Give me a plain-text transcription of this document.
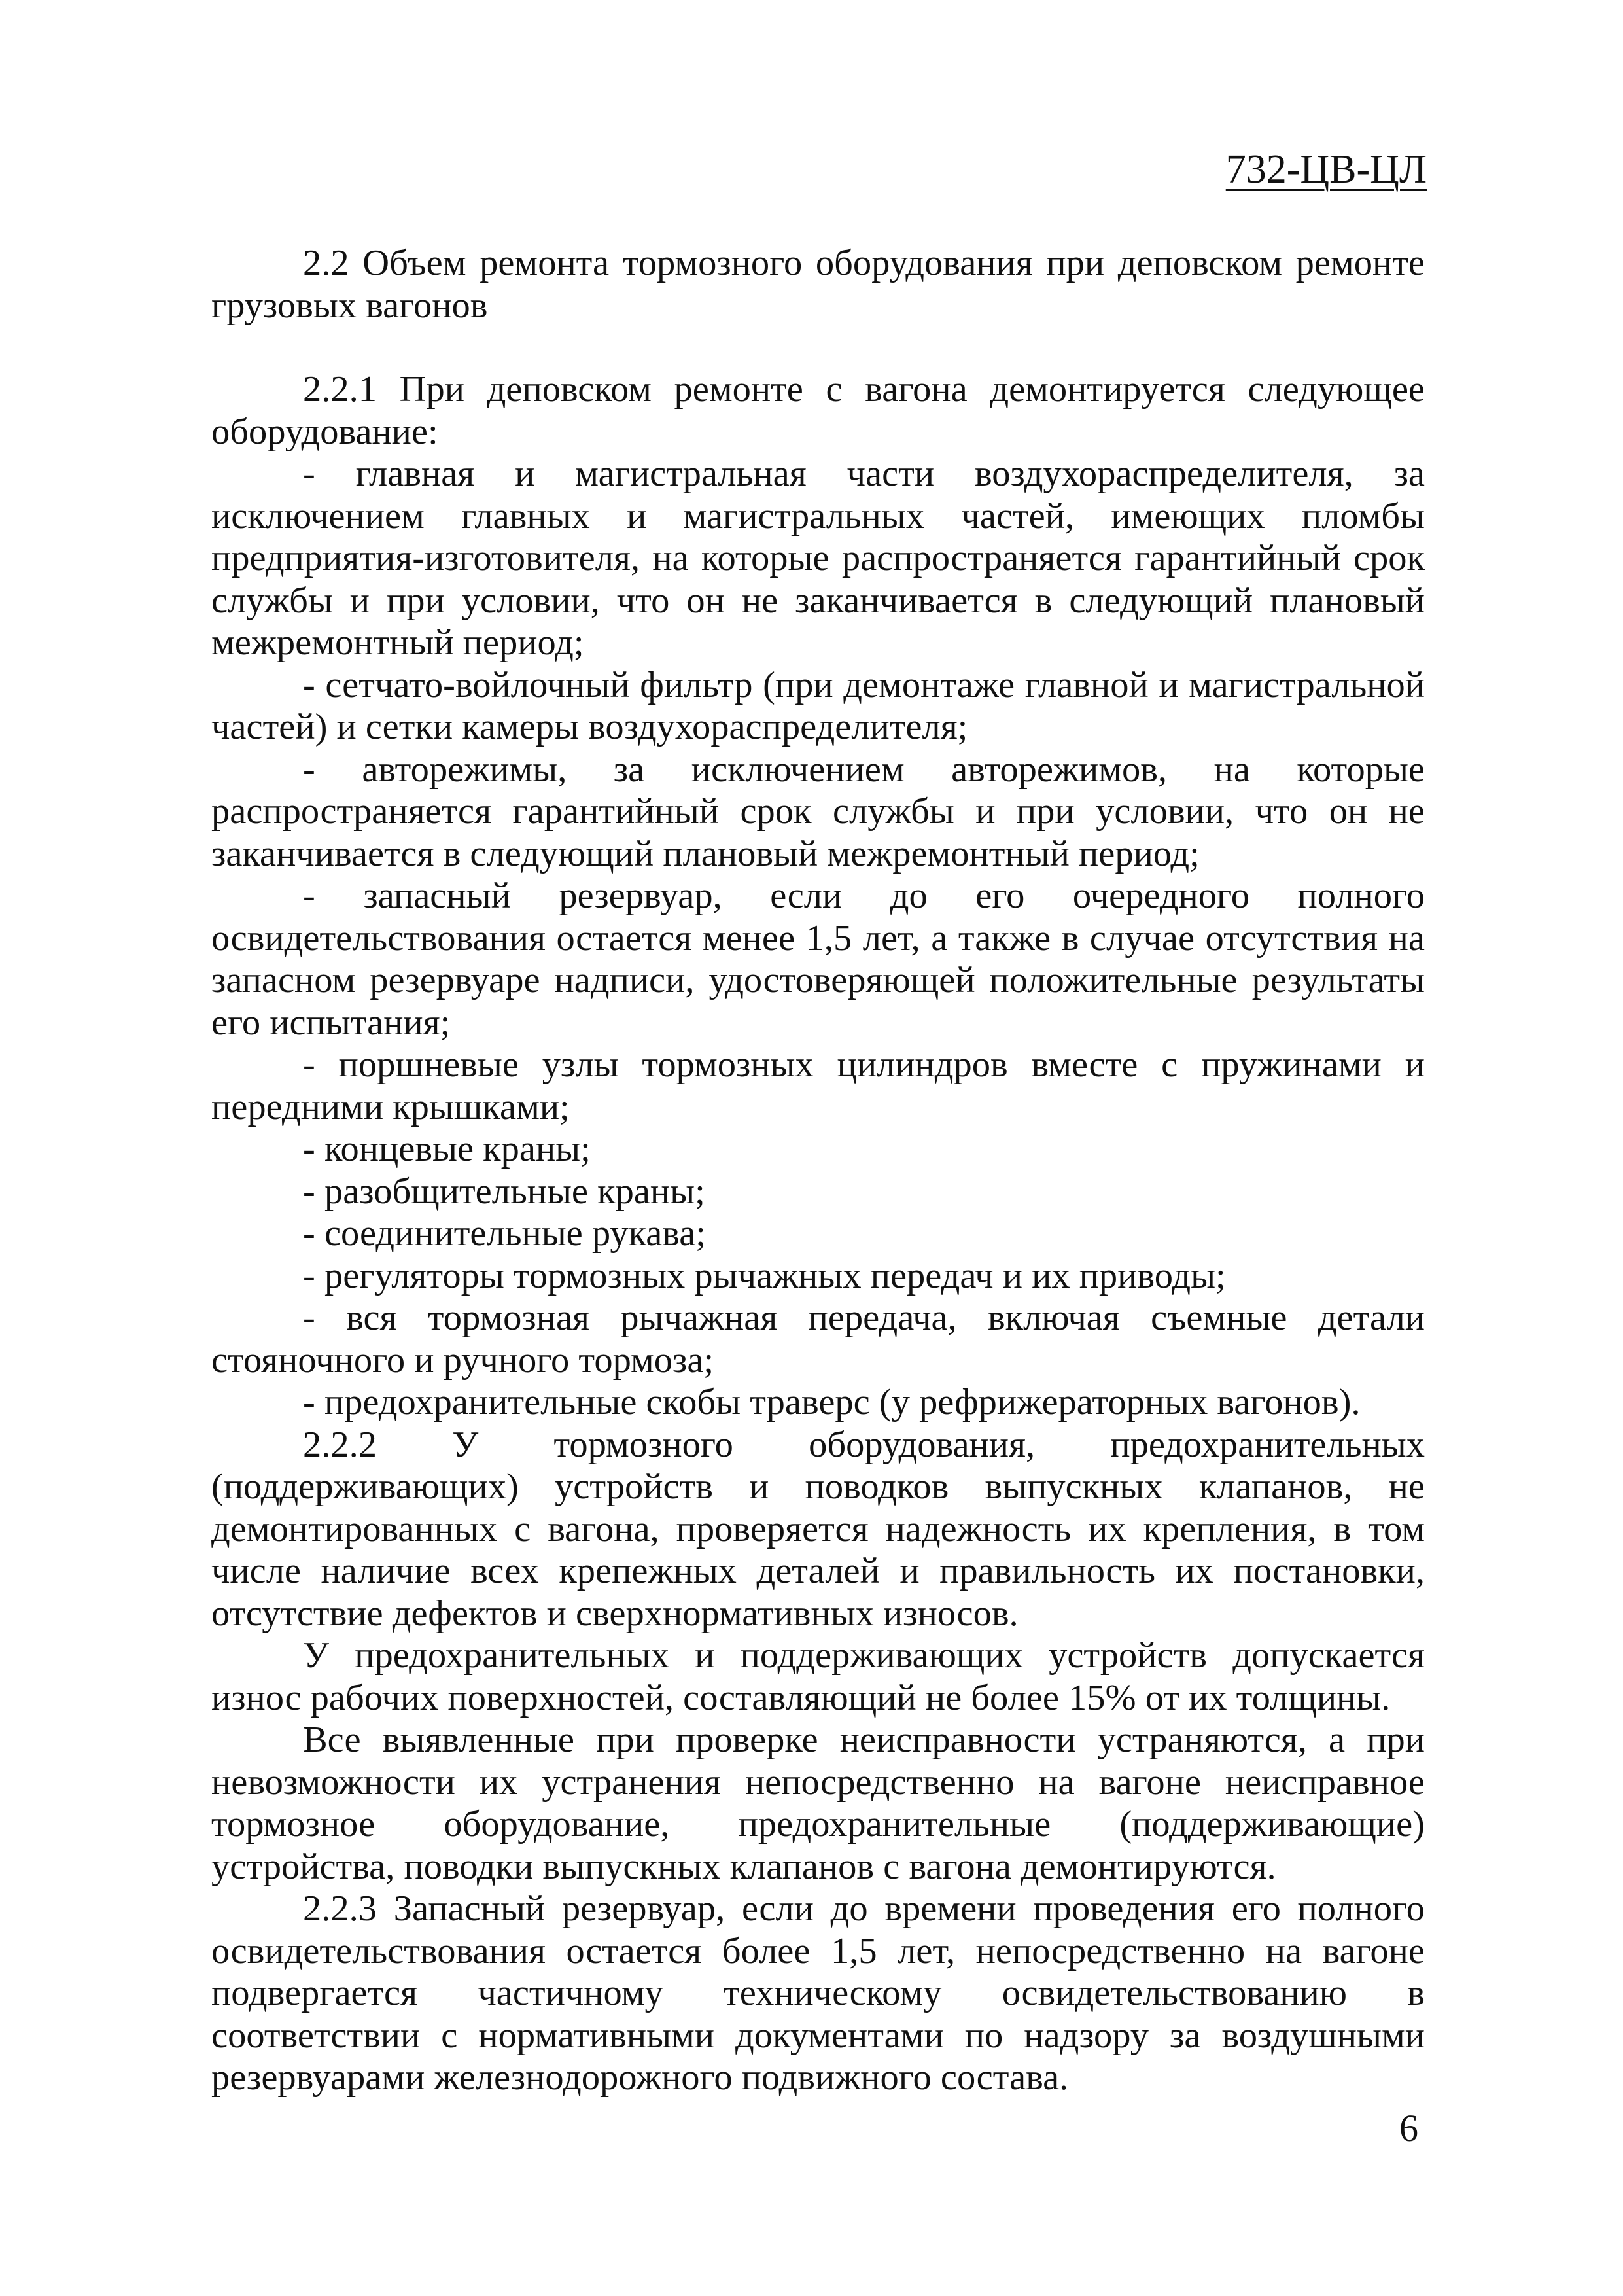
732-ЦВ-ЦЛ

2.2 Объем ремонта тормозного оборудования при деповском ремонте грузовых вагонов

2.2.1 При деповском ремонте с вагона демонтируется следующее оборудование:

- главная и магистральная части воздухораспределителя, за исключением главных и магистральных частей, имеющих пломбы предприятия-изготовителя, на которые распространяется гарантийный срок службы и при условии, что он не заканчивается в следующий плановый межремонтный период;

- сетчато-войлочный фильтр (при демонтаже главной и магистральной частей) и сетки камеры воздухораспределителя;

- авторежимы, за исключением авторежимов, на которые распространяется гарантийный срок службы и при условии, что он не заканчивается в следующий плановый межремонтный период;

- запасный резервуар, если до его очередного полного освидетельствования остается менее 1,5 лет, а также в случае отсутствия на запасном резервуаре надписи, удостоверяющей положительные результаты его испытания;

- поршневые узлы тормозных цилиндров вместе с пружинами и передними крышками;

- концевые краны;

- разобщительные краны;

- соединительные рукава;

- регуляторы тормозных рычажных передач и их приводы;

- вся тормозная рычажная передача, включая съемные детали стояночного и ручного тормоза;

- предохранительные скобы траверс (у рефрижераторных вагонов).

2.2.2 У тормозного оборудования, предохранительных (поддерживающих) устройств и поводков выпускных клапанов, не демонтированных с вагона, проверяется надежность их крепления, в том числе наличие всех крепежных деталей и правильность их постановки, отсутствие дефектов и сверхнормативных износов.

У предохранительных и поддерживающих устройств допускается износ рабочих поверхностей, составляющий не более 15% от их толщины.

Все выявленные при проверке неисправности устраняются, а при невозможности их устранения непосредственно на вагоне неисправное тормозное оборудование, предохранительные (поддерживающие) устройства, поводки выпускных клапанов с вагона демонтируются.

2.2.3 Запасный резервуар, если до времени проведения его полного освидетельствования остается более 1,5 лет, непосредственно на вагоне подвергается частичному техническому освидетельствованию в соответствии с нормативными документами по надзору за воздушными резервуарами железнодорожного подвижного состава.

6
